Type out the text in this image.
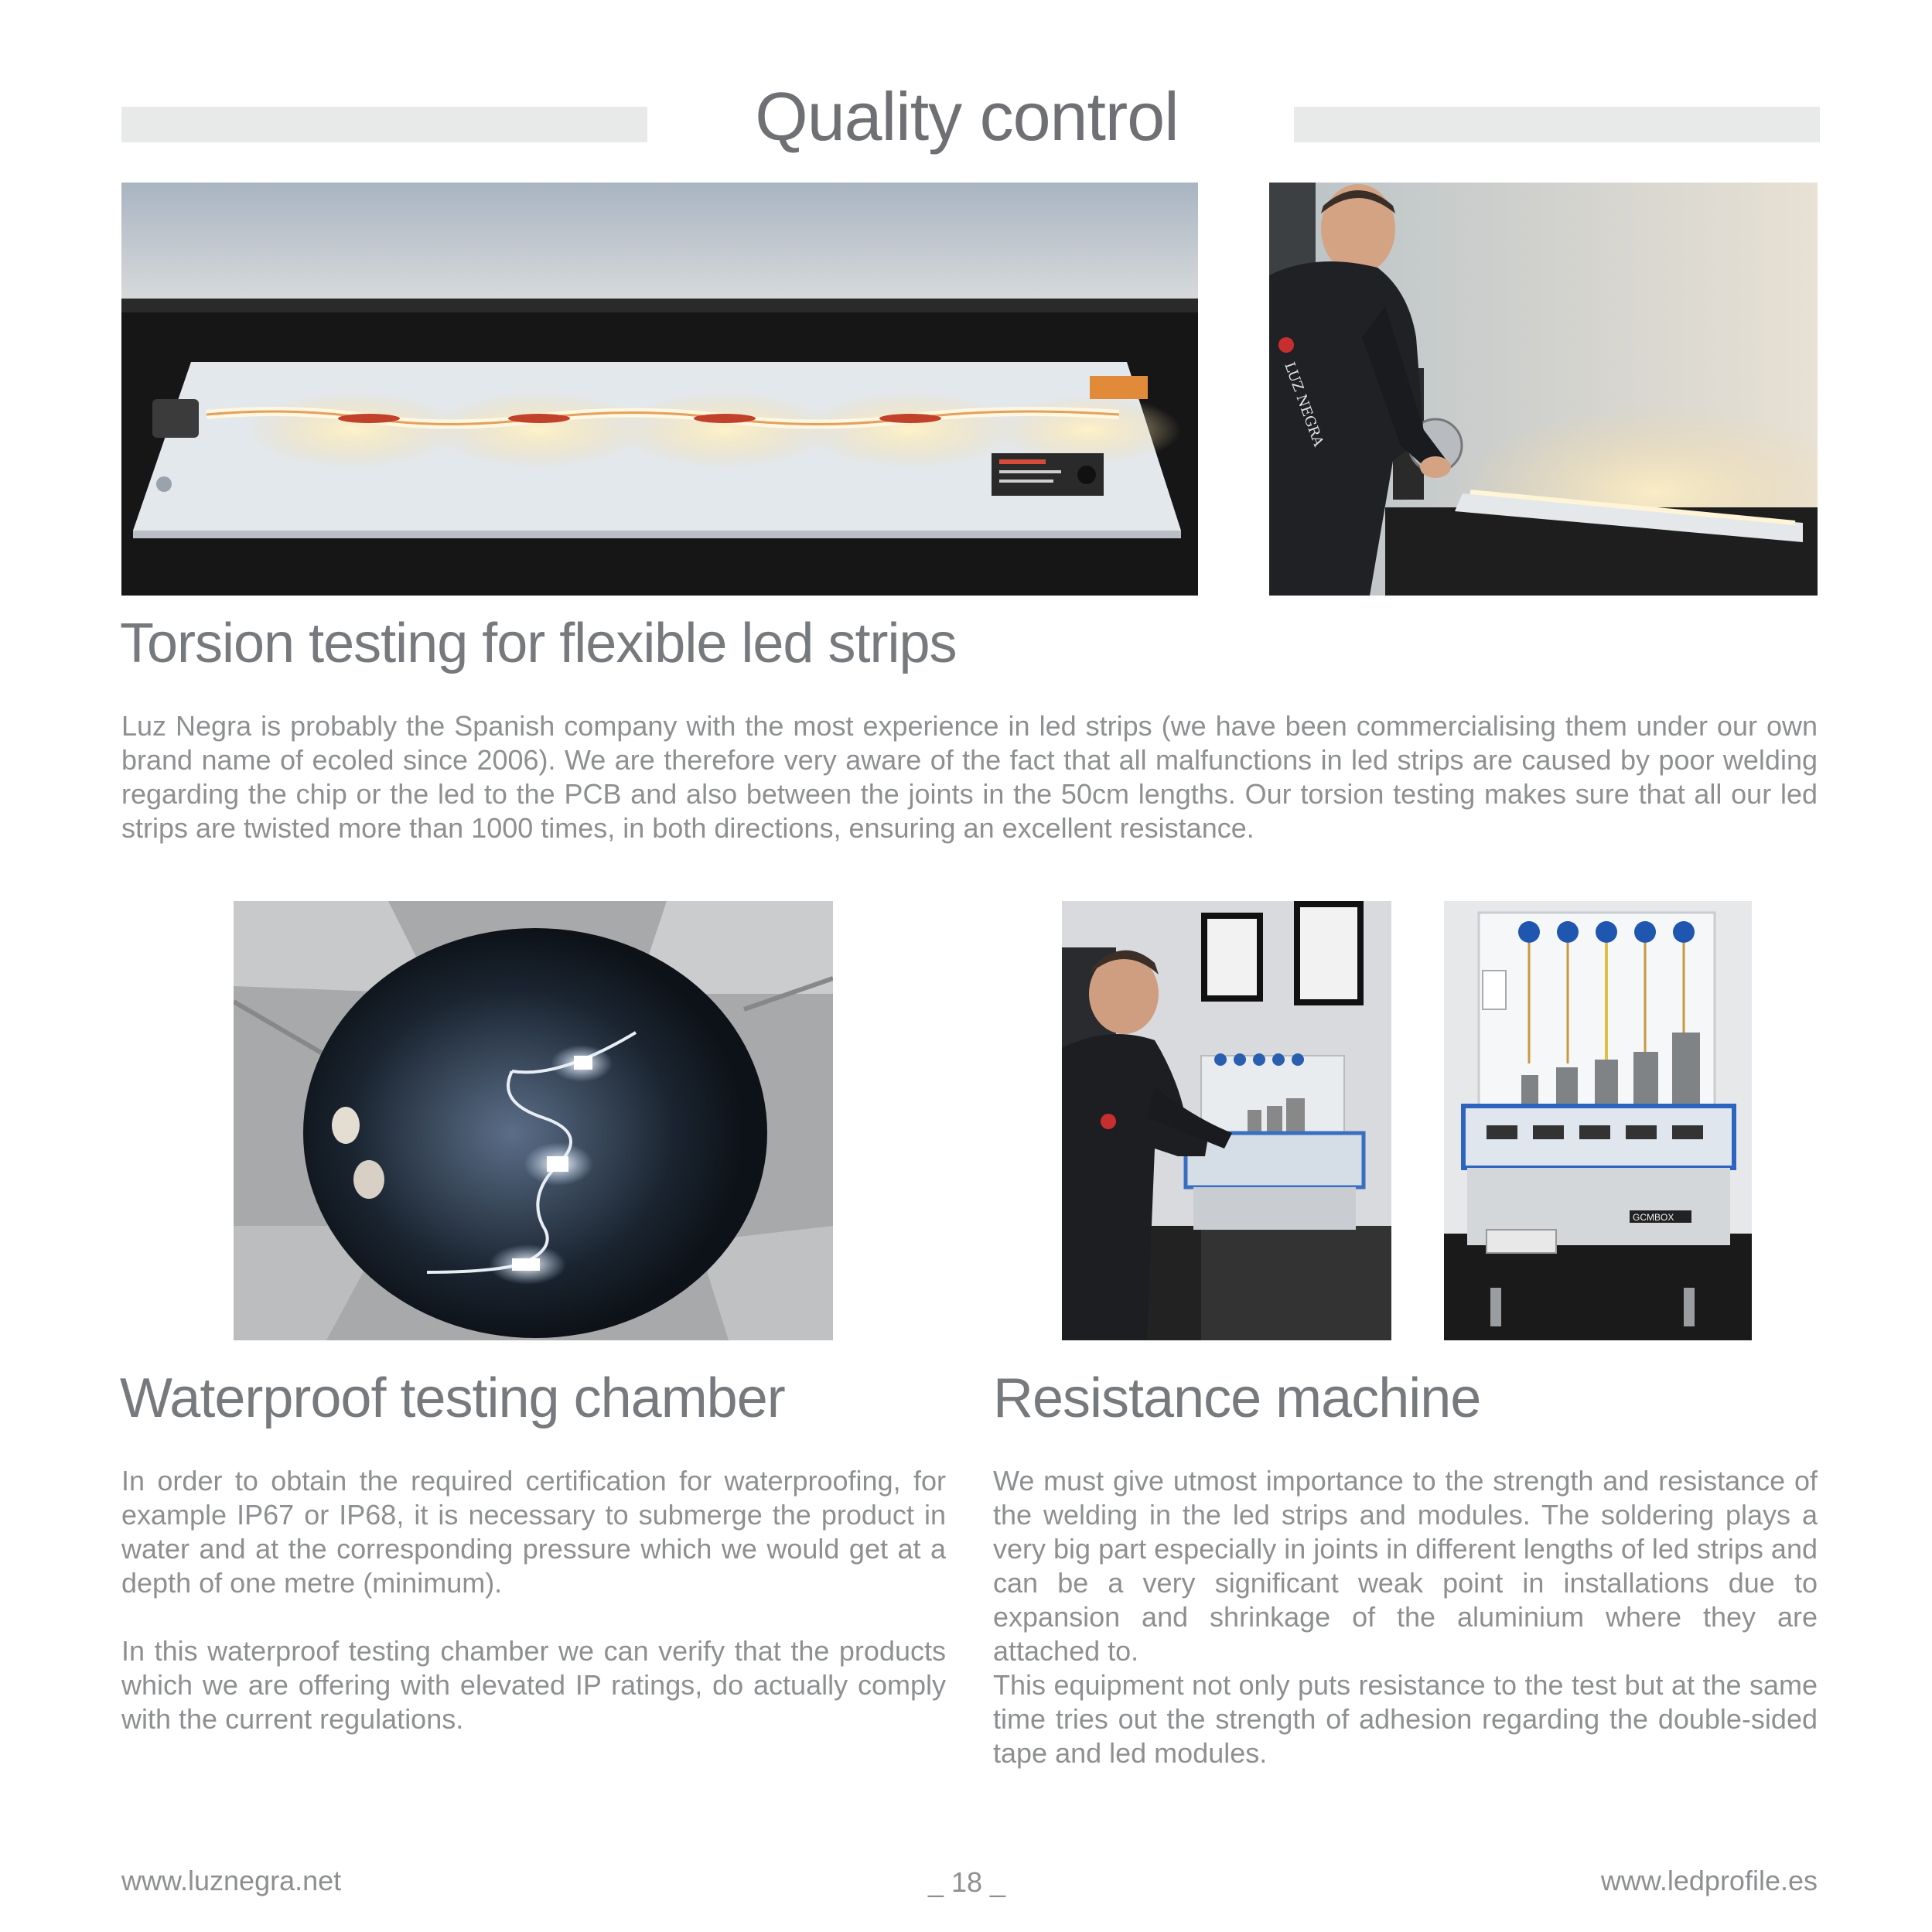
Quality control
LUZ NEGRA
Torsion testing for flexible led strips

Luz Negra is probably the Spanish company with the most experience in led strips (we have been commercialising them under our own brand name of ecoled since 2006). We are therefore very aware of the fact that all malfunctions in led strips are caused by poor welding regarding the chip or the led to the PCB and also between the joints in the 50cm lengths. Our torsion testing makes sure that all our led strips are twisted more than 1000 times, in both directions, ensuring an excellent resistance.

GCMBOX
Waterproof testing chamber

In order to obtain the required certification for waterproofing, for example IP67 or IP68, it is necessary to submerge the product in water and at the corresponding pressure which we would get at a depth of one metre (minimum).

In this waterproof testing chamber we can verify that the products which we are offering with elevated IP ratings, do actually comply with the current regulations.

Resistance machine

We must give utmost importance to the strength and resistance of the welding in the led strips and modules. The soldering plays a very big part especially in joints in different lengths of led strips and can be a very significant weak point in installations due to expansion and shrinkage of the aluminium where they are attached to.

This equipment not only puts resistance to the test but at the same time tries out the strength of adhesion regarding the double-sided tape and led modules.

www.luznegra.net	_ 18 _	www.ledprofile.es
